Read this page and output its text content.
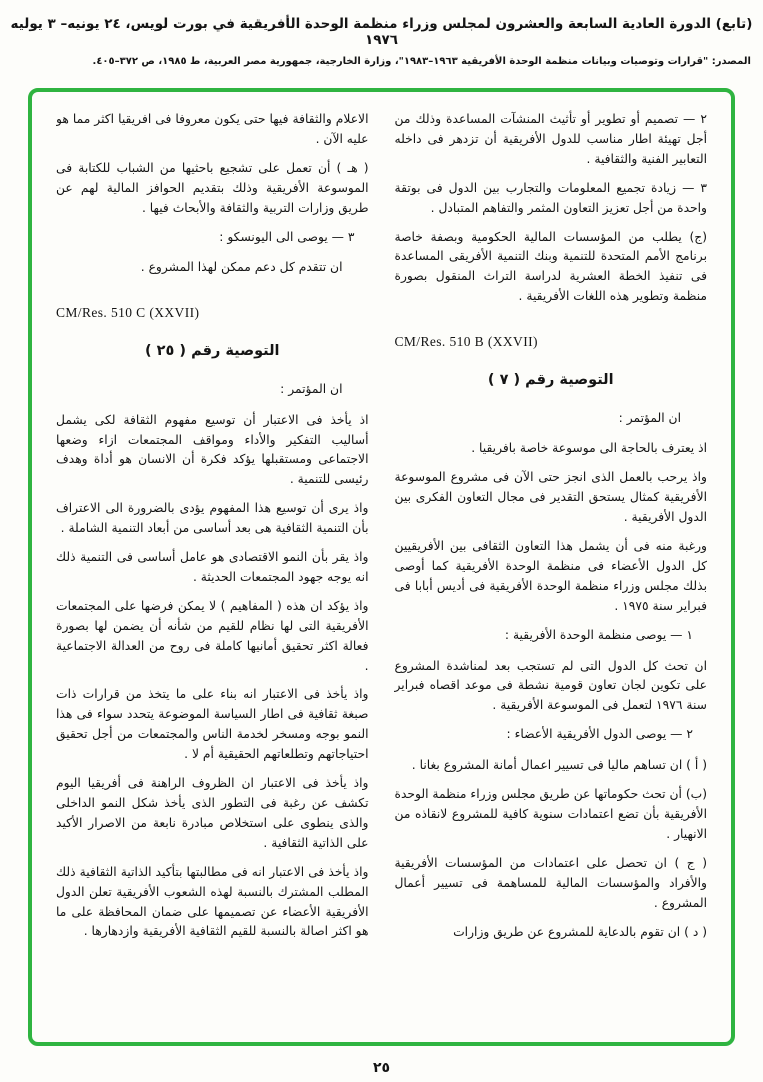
(تابع) الدورة العادية السابعة والعشرون لمجلس وزراء منظمة الوحدة الأفريقية في بورت لويس، ٢٤ يونيه– ٣ يوليه ١٩٧٦
المصدر: "قرارات وتوصيات وبيانات منظمة الوحدة الأفريقية ١٩٦٣–١٩٨٣"، وزارة الخارجية، جمهورية مصر العربية، ط ١٩٨٥، ص ٣٧٢–٤٠٥.

٢ — تصميم أو تطوير أو تأثيث المنشآت المساعدة وذلك من أجل تهيئة اطار مناسب للدول الأفريقية أن تزدهر فى داخله التعابير الفنية والثقافية .

٣ — زيادة تجميع المعلومات والتجارب بين الدول فى بوتقة واحدة من أجل تعزيز التعاون المثمر والتفاهم المتبادل .

(ج) يطلب من المؤسسات المالية الحكومية وبصفة خاصة برنامج الأمم المتحدة للتنمية وبنك التنمية الأفريقى المساعدة فى تنفيذ الخطة العشرية لدراسة التراث المنقول بصورة منظمة وتطوير هذه اللغات الأفريقية .

CM/Res. 510 B (XXVII)

التوصية رقم ( ٧ )

ان المؤتمر :

اذ يعترف بالحاجة الى موسوعة خاصة بافريقيا .

واذ يرحب بالعمل الذى انجز حتى الآن فى مشروع الموسوعة الأفريقية كمثال يستحق التقدير فى مجال التعاون الفكرى بين الدول الأفريقية .

ورغبة منه فى أن يشمل هذا التعاون الثقافى بين الأفريقيين كل الدول الأعضاء فى منظمة الوحدة الأفريقية كما أوصى بذلك مجلس وزراء منظمة الوحدة الأفريقية فى أديس أبابا فى فبراير سنة ١٩٧٥ .

١ — يوصى منظمة الوحدة الأفريقية :

ان تحث كل الدول التى لم تستجب بعد لمناشدة المشروع على تكوين لجان تعاون قومية نشطة فى موعد اقصاه فبراير سنة ١٩٧٦ لتعمل فى الموسوعة الأفريقية .

٢ — يوصى الدول الأفريقية الأعضاء :

( أ ) ان تساهم ماليا فى تسيير اعمال أمانة المشروع بغانا .

(ب) أن تحث حكوماتها عن طريق مجلس وزراء منظمة الوحدة الأفريقية بأن تضع اعتمادات سنوية كافية للمشروع لانقاذه من الانهيار .

( ج ) ان تحصل على اعتمادات من المؤسسات الأفريقية والأفراد والمؤسسات المالية للمساهمة فى تسيير أعمال المشروع .

( د ) ان تقوم بالدعاية للمشروع عن طريق وزارات

الاعلام والثقافة فيها حتى يكون معروفا فى افريقيا اكثر مما هو عليه الآن .

( هـ ) أن تعمل على تشجيع باحثيها من الشباب للكتابة فى الموسوعة الأفريقية وذلك بتقديم الحوافز المالية لهم عن طريق وزارات التربية والثقافة والأبحاث فيها .

٣ — يوصى الى اليونسكو :

ان تتقدم كل دعم ممكن لهذا المشروع .

CM/Res. 510 C (XXVII)

التوصية رقم ( ٢٥ )

ان المؤتمر :

اذ يأخذ فى الاعتبار أن توسيع مفهوم الثقافة لكى يشمل أساليب التفكير والأداء ومواقف المجتمعات ازاء وضعها الاجتماعى ومستقبلها يؤكد فكرة أن الانسان هو أداة وهدف رئيسى للتنمية .

واذ يرى أن توسيع هذا المفهوم يؤدى بالضرورة الى الاعتراف بأن التنمية الثقافية هى بعد أساسى من أبعاد التنمية الشاملة .

واذ يقر بأن النمو الاقتصادى هو عامل أساسى فى التنمية ذلك انه يوجه جهود المجتمعات الحديثة .

واذ يؤكد ان هذه ( المفاهيم ) لا يمكن فرضها على المجتمعات الأفريقية التى لها نظام للقيم من شأنه أن يضمن لها بصورة فعالة اكثر تحقيق أمانيها كاملة فى روح من العدالة الاجتماعية .

واذ يأخذ فى الاعتبار انه بناء على ما يتخذ من قرارات ذات صبغة ثقافية فى اطار السياسة الموضوعة يتحدد سواء فى هذا النمو بوجه ومسخر لخدمة الناس والمجتمعات من أجل تحقيق احتياجاتهم وتطلعاتهم الحقيقية أم لا .

واذ يأخذ فى الاعتبار ان الظروف الراهنة فى أفريقيا اليوم تكشف عن رغبة فى التطور الذى يأخذ شكل النمو الداخلى والذى ينطوى على استخلاص مبادرة نابعة من الاصرار الأكيد على الذاتية الثقافية .

واذ يأخذ فى الاعتبار انه فى مطالبتها بتأكيد الذاتية الثقافية ذلك المطلب المشترك بالنسبة لهذه الشعوب الأفريقية تعلن الدول الأفريقية الأعضاء عن تصميمها على ضمان المحافظة على ما هو اكثر اصالة بالنسبة للقيم الثقافية الأفريقية وازدهارها .

٢٥
